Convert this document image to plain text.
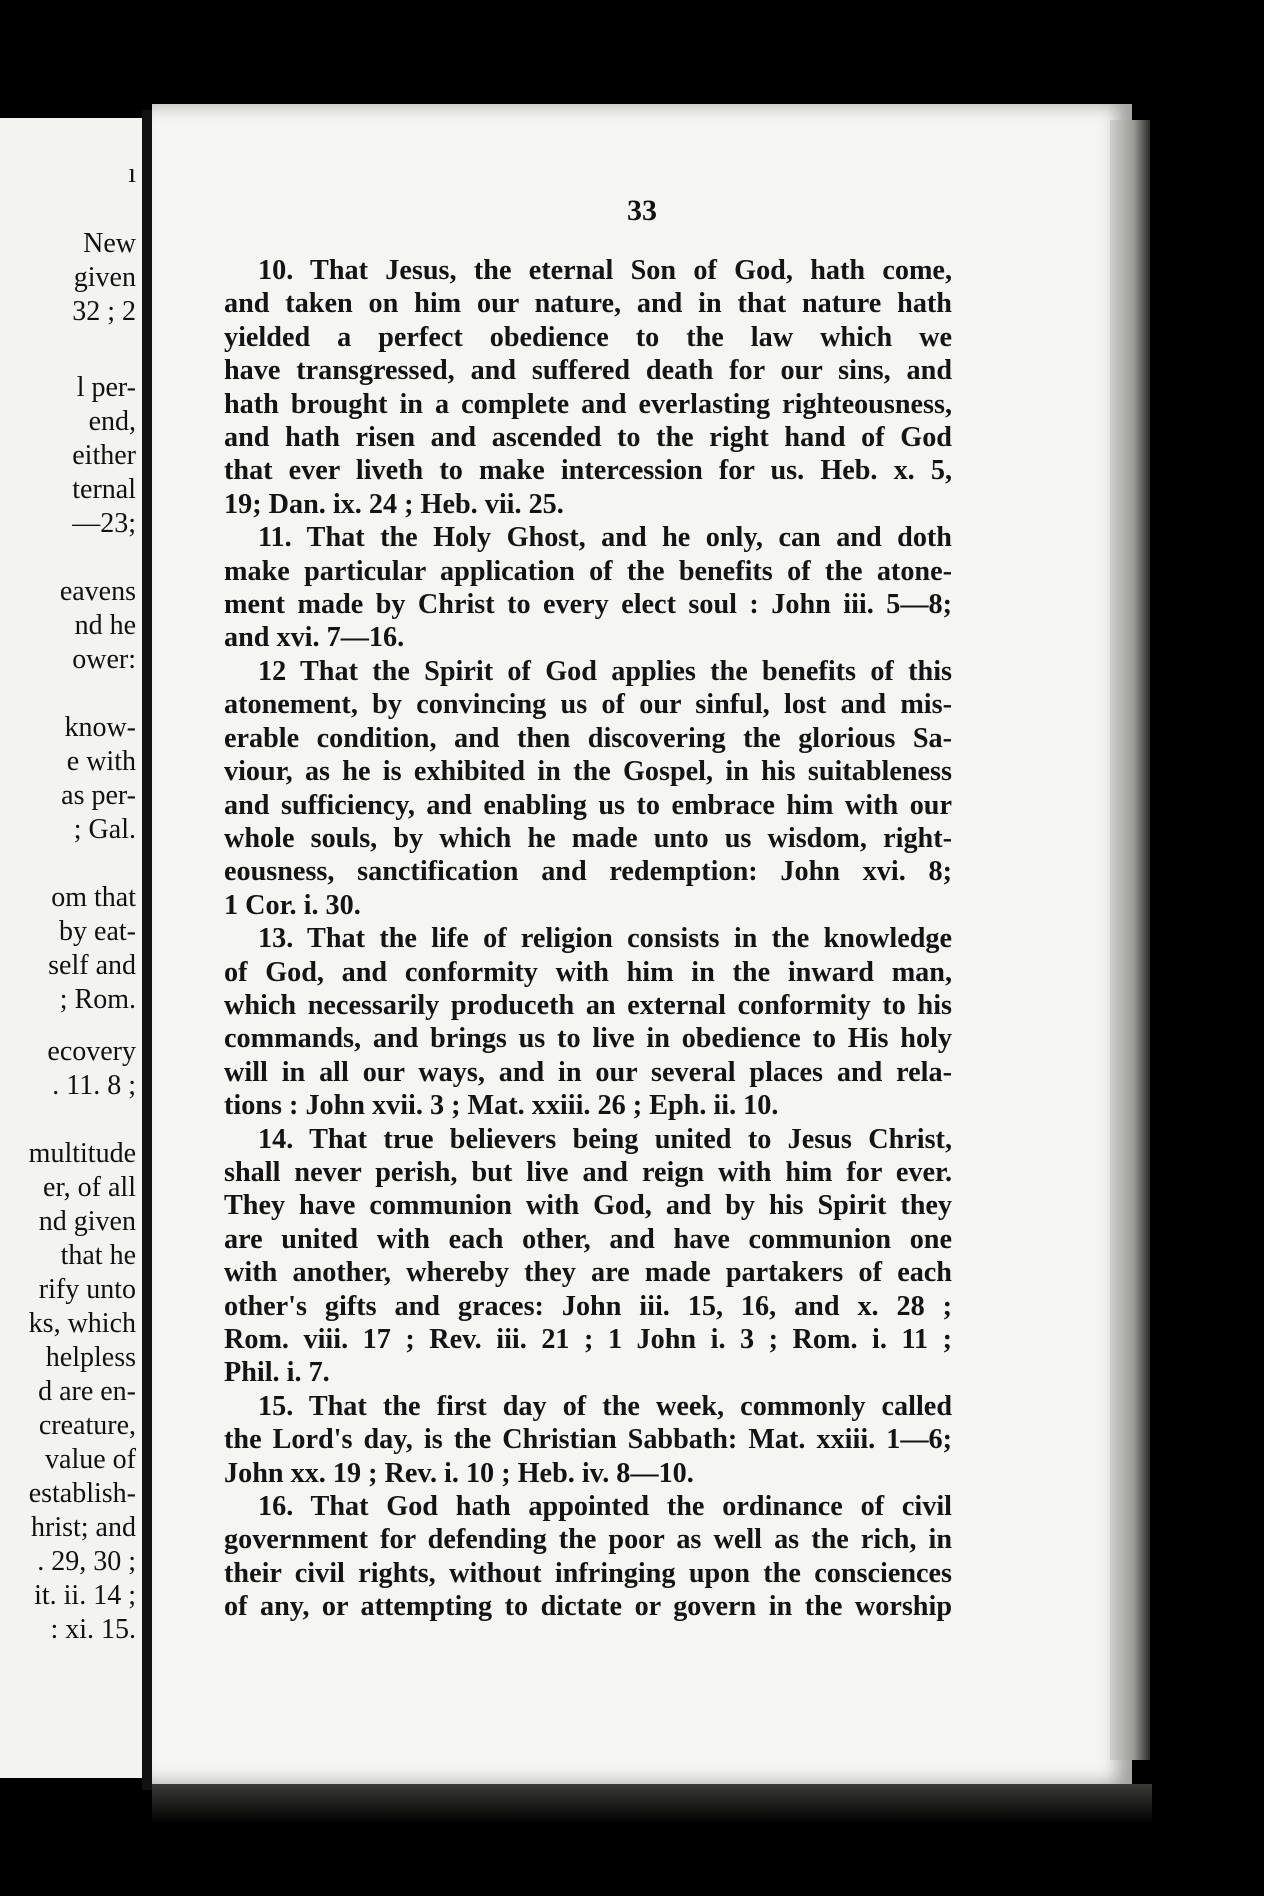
ı
New
given
32 ; 2
l per-
end,
either
ternal
—23;
eavens
nd he
ower:
know-
e with
as per-
; Gal.
om that
by eat-
self and
; Rom.
ecovery
. 11. 8 ;
multitude
er, of all
nd given
that he
rify unto
ks, which
helpless
d are en-
creature,
value of
establish-
hrist; and
. 29, 30 ;
it. ii. 14 ;
: xi. 15.
33
10. That Jesus, the eternal Son of God, hath come,
and taken on him our nature, and in that nature hath
yielded a perfect obedience to the law which we
have transgressed, and suffered death for our sins, and
hath brought in a complete and everlasting righteousness,
and hath risen and ascended to the right hand of God
that ever liveth to make intercession for us. Heb. x. 5,
19; Dan. ix. 24 ; Heb. vii. 25.
11. That the Holy Ghost, and he only, can and doth
make particular application of the benefits of the atone-
ment made by Christ to every elect soul : John iii. 5—8;
and xvi. 7—16.
12 That the Spirit of God applies the benefits of this
atonement, by convincing us of our sinful, lost and mis-
erable condition, and then discovering the glorious Sa-
viour, as he is exhibited in the Gospel, in his suitableness
and sufficiency, and enabling us to embrace him with our
whole souls, by which he made unto us wisdom, right-
eousness, sanctification and redemption: John xvi. 8;
1 Cor. i. 30.
13. That the life of religion consists in the knowledge
of God, and conformity with him in the inward man,
which necessarily produceth an external conformity to his
commands, and brings us to live in obedience to His holy
will in all our ways, and in our several places and rela-
tions : John xvii. 3 ; Mat. xxiii. 26 ; Eph. ii. 10.
14. That true believers being united to Jesus Christ,
shall never perish, but live and reign with him for ever.
They have communion with God, and by his Spirit they
are united with each other, and have communion one
with another, whereby they are made partakers of each
other's gifts and graces: John iii. 15, 16, and x. 28 ;
Rom. viii. 17 ; Rev. iii. 21 ; 1 John i. 3 ; Rom. i. 11 ;
Phil. i. 7.
15. That the first day of the week, commonly called
the Lord's day, is the Christian Sabbath: Mat. xxiii. 1—6;
John xx. 19 ; Rev. i. 10 ; Heb. iv. 8—10.
16. That God hath appointed the ordinance of civil
government for defending the poor as well as the rich, in
their civil rights, without infringing upon the consciences
of any, or attempting to dictate or govern in the worship
